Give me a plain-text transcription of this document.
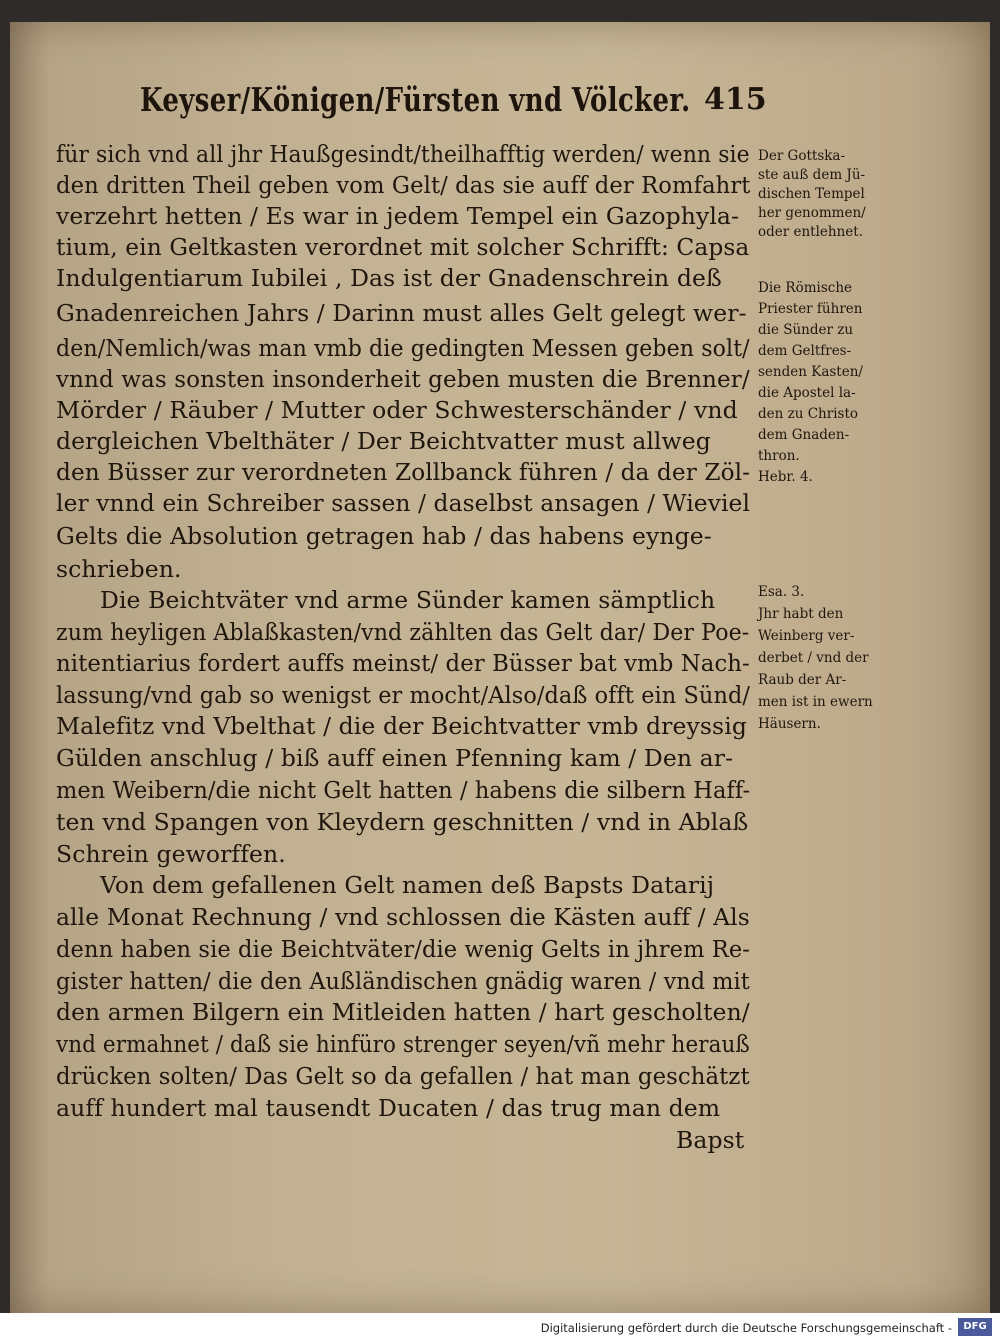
Keyser/Königen/Fürsten vnd Völcker. 415
für sich vnd all jhr Haußgesindt/theilhafftig werden/ wenn sie
den dritten Theil geben vom Gelt/ das sie auff der Romfahrt
verzehrt hetten / Es war in jedem Tempel ein Gazophyla-
tium, ein Geltkasten verordnet mit solcher Schrifft: Capsa
Indulgentiarum Iubilei , Das ist der Gnadenschrein deß
Gnadenreichen Jahrs / Darinn must alles Gelt gelegt wer-
den/Nemlich/was man vmb die gedingten Messen geben solt/
vnnd was sonsten insonderheit geben musten die Brenner/
Mörder / Räuber / Mutter oder Schwesterschänder / vnd
dergleichen Vbelthäter / Der Beichtvatter must allweg
den Büsser zur verordneten Zollbanck führen / da der Zöl-
ler vnnd ein Schreiber sassen / daselbst ansagen / Wieviel
Gelts die Absolution getragen hab / das habens eynge-
schrieben.
Die Beichtväter vnd arme Sünder kamen sämptlich
zum heyligen Ablaßkasten/vnd zählten das Gelt dar/ Der Poe-
nitentiarius fordert auffs meinst/ der Büsser bat vmb Nach-
lassung/vnd gab so wenigst er mocht/Also/daß offt ein Sünd/
Malefitz vnd Vbelthat / die der Beichtvatter vmb dreyssig
Gülden anschlug / biß auff einen Pfenning kam / Den ar-
men Weibern/die nicht Gelt hatten / habens die silbern Haff-
ten vnd Spangen von Kleydern geschnitten / vnd in Ablaß
Schrein geworffen.
Von dem gefallenen Gelt namen deß Bapsts Datarij
alle Monat Rechnung / vnd schlossen die Kästen auff / Als
denn haben sie die Beichtväter/die wenig Gelts in jhrem Re-
gister hatten/ die den Außländischen gnädig waren / vnd mit
den armen Bilgern ein Mitleiden hatten / hart gescholten/
vnd ermahnet / daß sie hinfüro strenger seyen/vñ mehr herauß
drücken solten/ Das Gelt so da gefallen / hat man geschätzt
auff hundert mal tausendt Ducaten / das trug man dem
Bapst
Der Gottska-
ste auß dem Jü-
dischen Tempel
her genommen/
oder entlehnet.
Die Römische
Priester führen
die Sünder zu
dem Geltfres-
senden Kasten/
die Apostel la-
den zu Christo
dem Gnaden-
thron.
Hebr. 4.
Esa. 3.
Jhr habt den
Weinberg ver-
derbet / vnd der
Raub der Ar-
men ist in ewern
Häusern.
Digitalisierung gefördert durch die Deutsche Forschungsgemeinschaft -	DFG
